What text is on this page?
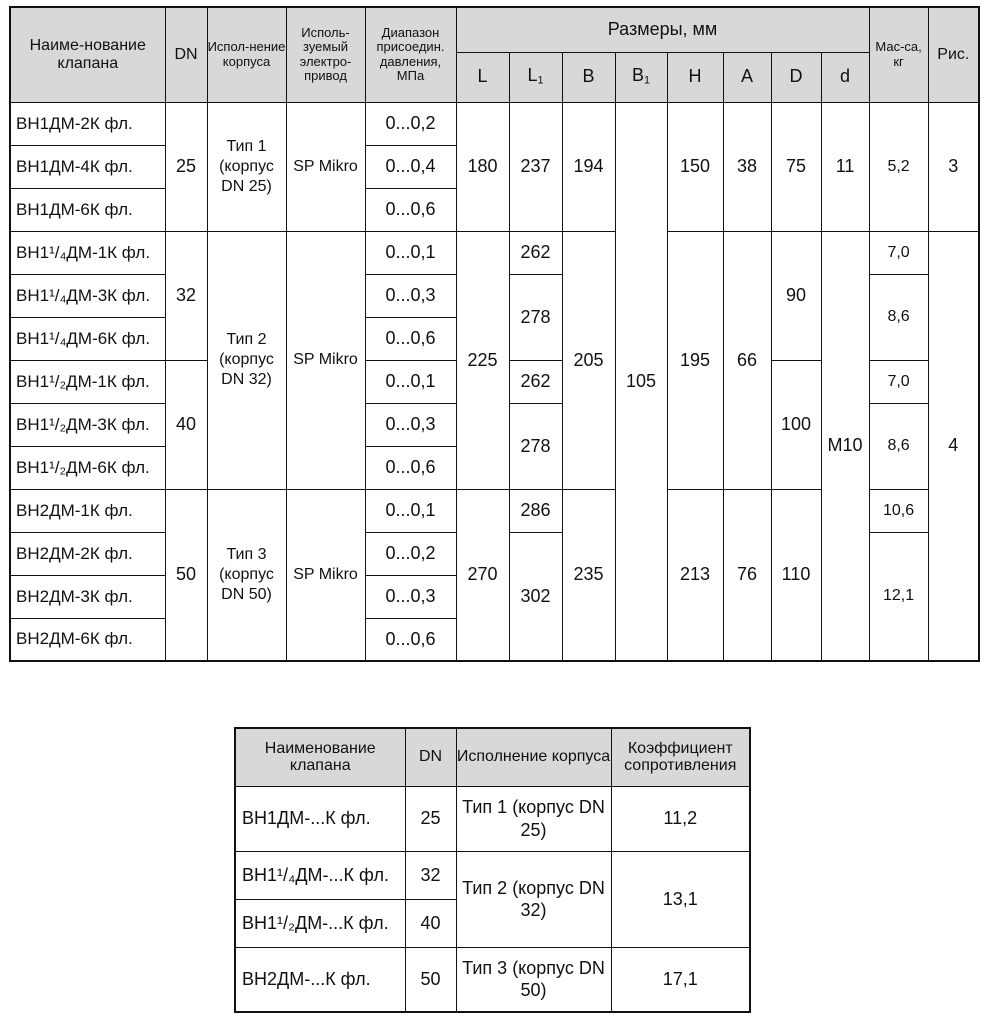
Наиме-нование клапана	DN	Испол-нение корпуса	Исполь-зуемый электро-привод	Диапазон присоедин. давления, МПа	Размеры, мм								Мас-са, кг	Рис.
					L	$L_1$	B	$B_1$	H	A	D	d		
ВН1ДМ-2К фл.	25	Тип 1 (корпус DN 25)	SP Mikro	0...0,2	180	237	194	105	150	38	75	11	5,2	3
ВН1ДМ-4К фл.				0...0,4										
ВН1ДМ-6К фл.				0...0,6										
ВН1¹/₄ДМ-1К фл.	32	Тип 2 (корпус DN 32)	SP Mikro	0...0,1	225	262	205		195	66	90	M10	7,0	4
ВН1¹/₄ДМ-3К фл.				0...0,3		278							8,6	
ВН1¹/₄ДМ-6К фл.				0...0,6										
ВН1¹/₂ДМ-1К фл.	40			0...0,1		262					100		7,0	
ВН1¹/₂ДМ-3К фл.				0...0,3		278							8,6	
ВН1¹/₂ДМ-6К фл.				0...0,6										
ВН2ДМ-1К фл.	50	Тип 3 (корпус DN 50)	SP Mikro	0...0,1	270	286	235		213	76	110		10,6	
ВН2ДМ-2К фл.				0...0,2		302							12,1	
ВН2ДМ-3К фл.				0...0,3										
ВН2ДМ-6К фл.				0...0,6										
Наименование клапана	DN	Исполнение корпуса	Коэффициент сопротивления
ВН1ДМ-...К фл.	25	Тип 1 (корпус DN 25)	11,2
ВН1¹/₄ДМ-...К фл.	32	Тип 2 (корпус DN 32)	13,1
ВН1¹/₂ДМ-...К фл.	40		
ВН2ДМ-...К фл.	50	Тип 3 (корпус DN 50)	17,1
